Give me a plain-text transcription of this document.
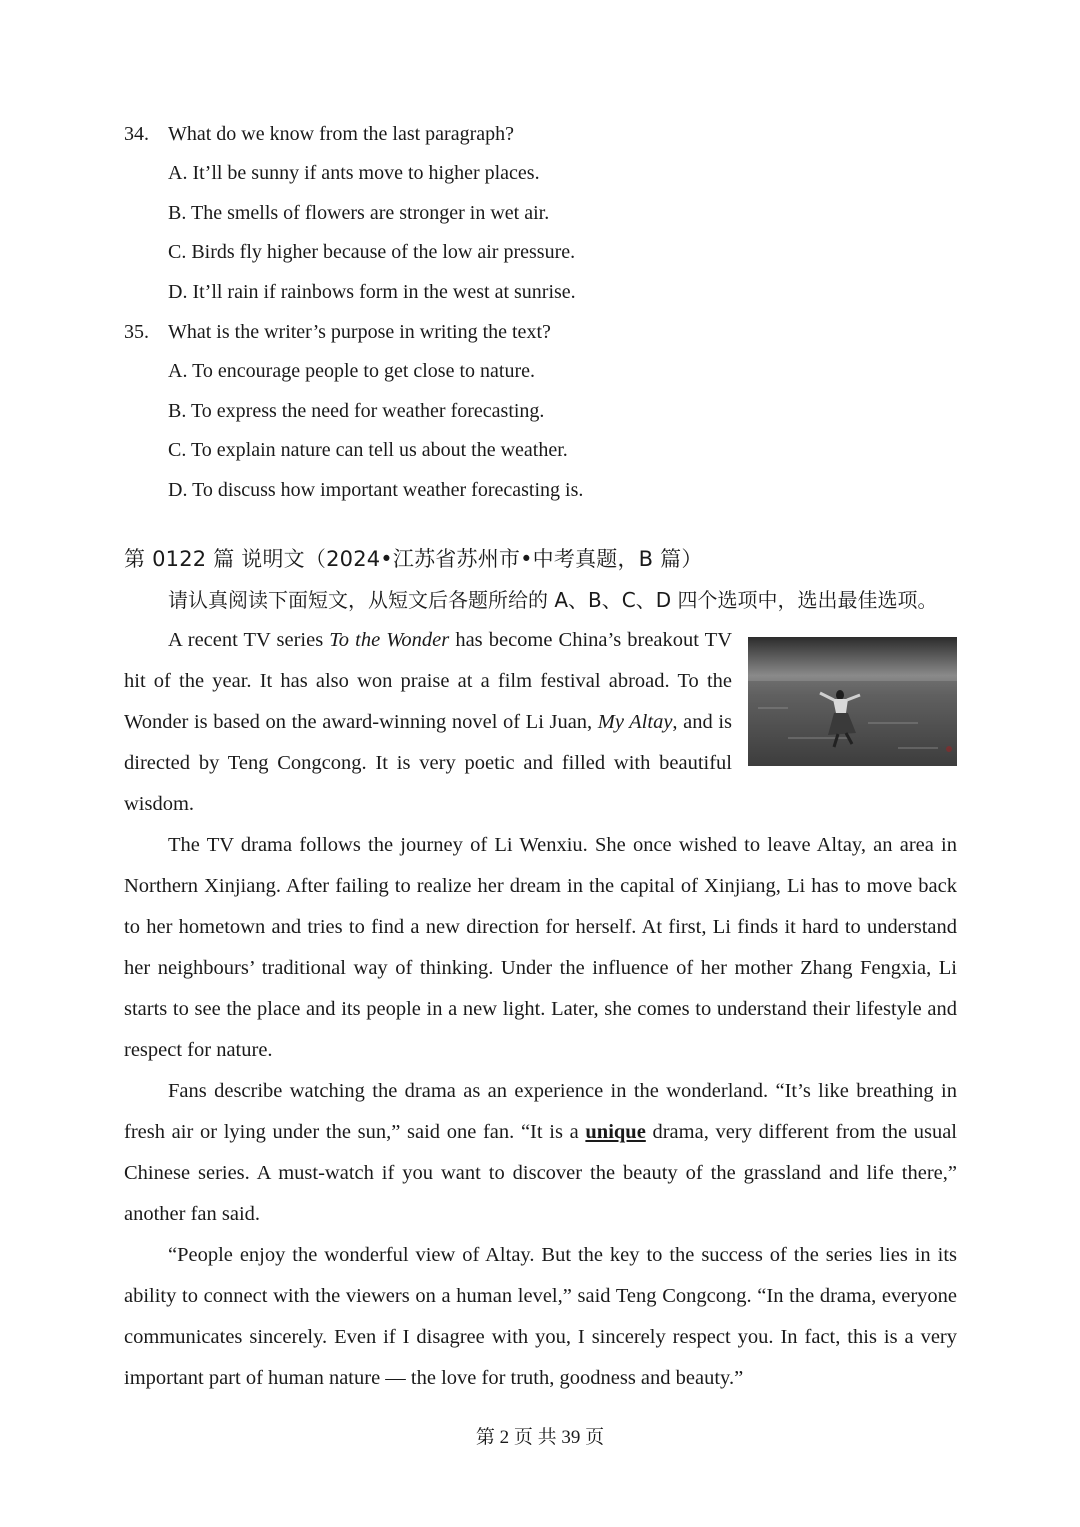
34. What do we know from the last paragraph?
A. It’ll be sunny if ants move to higher places.
B. The smells of flowers are stronger in wet air.
C. Birds fly higher because of the low air pressure.
D. It’ll rain if rainbows form in the west at sunrise.
35. What is the writer’s purpose in writing the text?
A. To encourage people to get close to nature.
B. To express the need for weather forecasting.
C. To explain nature can tell us about the weather.
D. To discuss how important weather forecasting is.
第 0122 篇 说明文（2024•江苏省苏州市•中考真题，B 篇）
请认真阅读下面短文，从短文后各题所给的 A、B、C、D 四个选项中，选出最佳选项。

A recent TV series To the Wonder has become China’s breakout TV hit of the year. It has also won praise at a film festival abroad. To the Wonder is based on the award-winning novel of Li Juan, My Altay, and is directed by Teng Congcong. It is very poetic and filled with beautiful wisdom.

The TV drama follows the journey of Li Wenxiu. She once wished to leave Altay, an area in Northern Xinjiang. After failing to realize her dream in the capital of Xinjiang, Li has to move back to her hometown and tries to find a new direction for herself. At first, Li finds it hard to understand her neighbours’ traditional way of thinking. Under the influence of her mother Zhang Fengxia, Li starts to see the place and its people in a new light. Later, she comes to understand their lifestyle and respect for nature.

Fans describe watching the drama as an experience in the wonderland. “It’s like breathing in fresh air or lying under the sun,” said one fan. “It is a unique drama, very different from the usual Chinese series. A must-watch if you want to discover the beauty of the grassland and life there,” another fan said.

“People enjoy the wonderful view of Altay. But the key to the success of the series lies in its ability to connect with the viewers on a human level,” said Teng Congcong. “In the drama, everyone communicates sincerely. Even if I disagree with you, I sincerely respect you. In fact, this is a very important part of human nature — the love for truth, goodness and beauty.”

第 2 页 共 39 页
